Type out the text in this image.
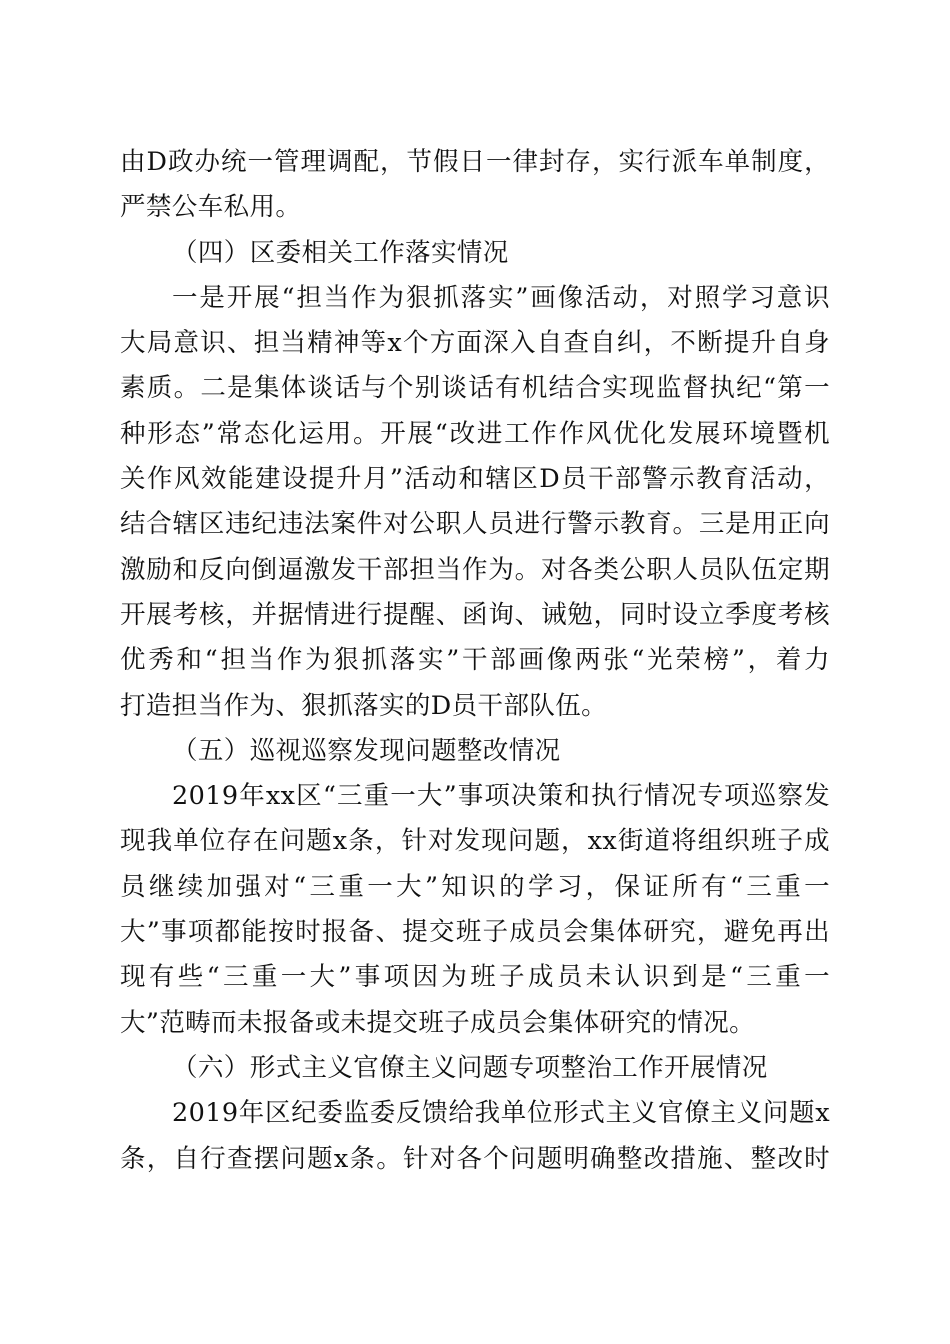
由D政办统一管理调配，节假日一律封存，实行派车单制度，
严禁公车私用。
（四）区委相关工作落实情况
一是开展“担当作为狠抓落实”画像活动，对照学习意识
大局意识、担当精神等x个方面深入自查自纠，不断提升自身
素质。二是集体谈话与个别谈话有机结合实现监督执纪“第一
种形态”常态化运用。开展“改进工作作风优化发展环境暨机
关作风效能建设提升月”活动和辖区D员干部警示教育活动，
结合辖区违纪违法案件对公职人员进行警示教育。三是用正向
激励和反向倒逼激发干部担当作为。对各类公职人员队伍定期
开展考核，并据情进行提醒、函询、诫勉，同时设立季度考核
优秀和“担当作为狠抓落实”干部画像两张“光荣榜”，着力
打造担当作为、狠抓落实的D员干部队伍。
（五）巡视巡察发现问题整改情况
2019年xx区“三重一大”事项决策和执行情况专项巡察发
现我单位存在问题x条，针对发现问题，xx街道将组织班子成
员继续加强对“三重一大”知识的学习，保证所有“三重一
大”事项都能按时报备、提交班子成员会集体研究，避免再出
现有些“三重一大”事项因为班子成员未认识到是“三重一
大”范畴而未报备或未提交班子成员会集体研究的情况。
（六）形式主义官僚主义问题专项整治工作开展情况
2019年区纪委监委反馈给我单位形式主义官僚主义问题x
条，自行查摆问题x条。针对各个问题明确整改措施、整改时
